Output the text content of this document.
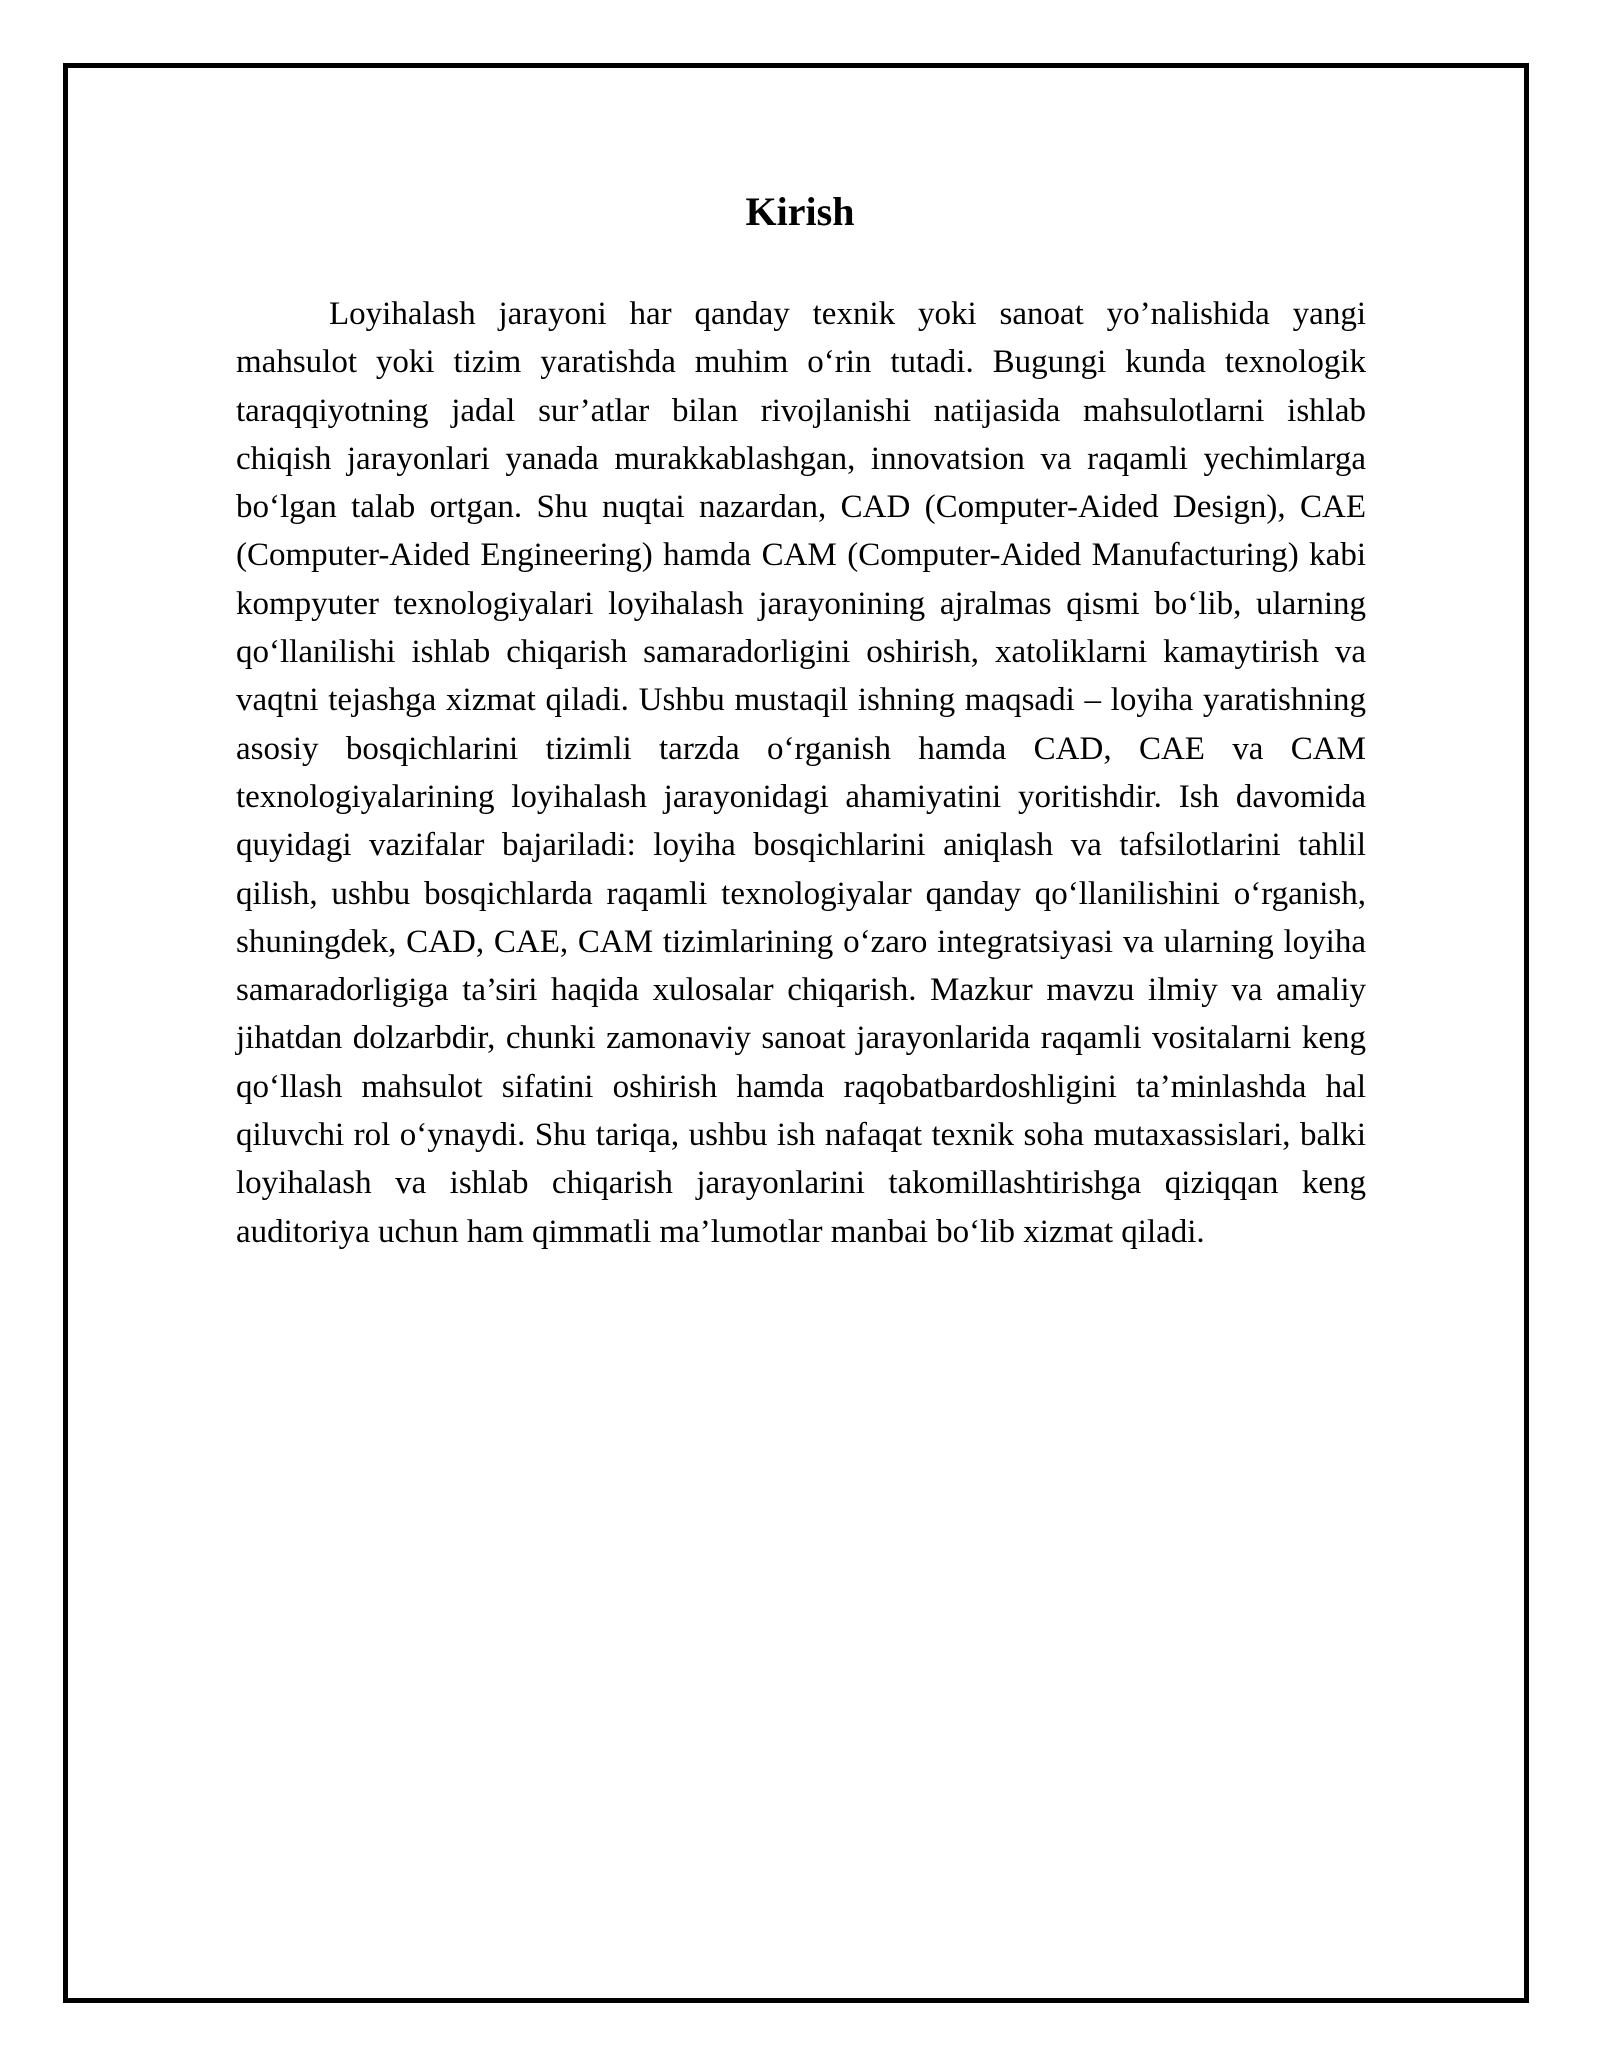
Kirish

Loyihalash jarayoni har qanday texnik yoki sanoat yo’nalishida yangi mahsulot yoki tizim yaratishda muhim o‘rin tutadi. Bugungi kunda texnologik taraqqiyotning jadal sur’atlar bilan rivojlanishi natijasida mahsulotlarni ishlab chiqish jarayonlari yanada murakkablashgan, innovatsion va raqamli yechimlarga bo‘lgan talab ortgan. Shu nuqtai nazardan, CAD (Computer-Aided Design), CAE (Computer-Aided Engineering) hamda CAM (Computer-Aided Manufacturing) kabi kompyuter texnologiyalari loyihalash jarayonining ajralmas qismi bo‘lib, ularning qo‘llanilishi ishlab chiqarish samaradorligini oshirish, xatoliklarni kamaytirish va vaqtni tejashga xizmat qiladi. Ushbu mustaqil ishning maqsadi – loyiha yaratishning asosiy bosqichlarini tizimli tarzda o‘rganish hamda CAD, CAE va CAM texnologiyalarining loyihalash jarayonidagi ahamiyatini yoritishdir. Ish davomida quyidagi vazifalar bajariladi: loyiha bosqichlarini aniqlash va tafsilotlarini tahlil qilish, ushbu bosqichlarda raqamli texnologiyalar qanday qo‘llanilishini o‘rganish, shuningdek, CAD, CAE, CAM tizimlarining o‘zaro integratsiyasi va ularning loyiha samaradorligiga ta’siri haqida xulosalar chiqarish. Mazkur mavzu ilmiy va amaliy jihatdan dolzarbdir, chunki zamonaviy sanoat jarayonlarida raqamli vositalarni keng qo‘llash mahsulot sifatini oshirish hamda raqobatbardoshligini ta’minlashda hal qiluvchi rol o‘ynaydi. Shu tariqa, ushbu ish nafaqat texnik soha mutaxassislari, balki loyihalash va ishlab chiqarish jarayonlarini takomillashtirishga qiziqqan keng auditoriya uchun ham qimmatli ma’lumotlar manbai bo‘lib xizmat qiladi.
